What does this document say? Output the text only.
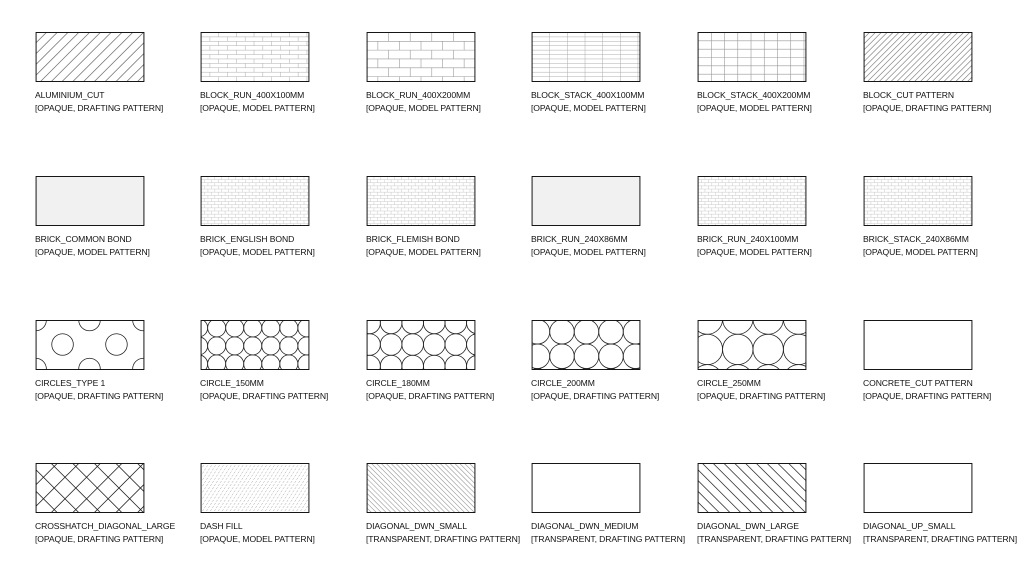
ALUMINIUM_CUT
[OPAQUE, DRAFTING PATTERN]
BLOCK_RUN_400X100MM
[OPAQUE, MODEL PATTERN]
BLOCK_RUN_400X200MM
[OPAQUE, MODEL PATTERN]
BLOCK_STACK_400X100MM
[OPAQUE, MODEL PATTERN]
BLOCK_STACK_400X200MM
[OPAQUE, MODEL PATTERN]
BLOCK_CUT PATTERN
[OPAQUE, DRAFTING PATTERN]
BRICK_COMMON BOND
[OPAQUE, MODEL PATTERN]
BRICK_ENGLISH BOND
[OPAQUE, MODEL PATTERN]
BRICK_FLEMISH BOND
[OPAQUE, MODEL PATTERN]
BRICK_RUN_240X86MM
[OPAQUE, MODEL PATTERN]
BRICK_RUN_240X100MM
[OPAQUE, MODEL PATTERN]
BRICK_STACK_240X86MM
[OPAQUE, MODEL PATTERN]
CIRCLES_TYPE 1
[OPAQUE, DRAFTING PATTERN]
CIRCLE_150MM
[OPAQUE, DRAFTING PATTERN]
CIRCLE_180MM
[OPAQUE, DRAFTING PATTERN]
CIRCLE_200MM
[OPAQUE, DRAFTING PATTERN]
CIRCLE_250MM
[OPAQUE, DRAFTING PATTERN]
CONCRETE_CUT PATTERN
[OPAQUE, DRAFTING PATTERN]
CROSSHATCH_DIAGONAL_LARGE
[OPAQUE, DRAFTING PATTERN]
DASH FILL
[OPAQUE, MODEL PATTERN]
DIAGONAL_DWN_SMALL
[TRANSPARENT, DRAFTING PATTERN]
DIAGONAL_DWN_MEDIUM
[TRANSPARENT, DRAFTING PATTERN]
DIAGONAL_DWN_LARGE
[TRANSPARENT, DRAFTING PATTERN]
DIAGONAL_UP_SMALL
[TRANSPARENT, DRAFTING PATTERN]
